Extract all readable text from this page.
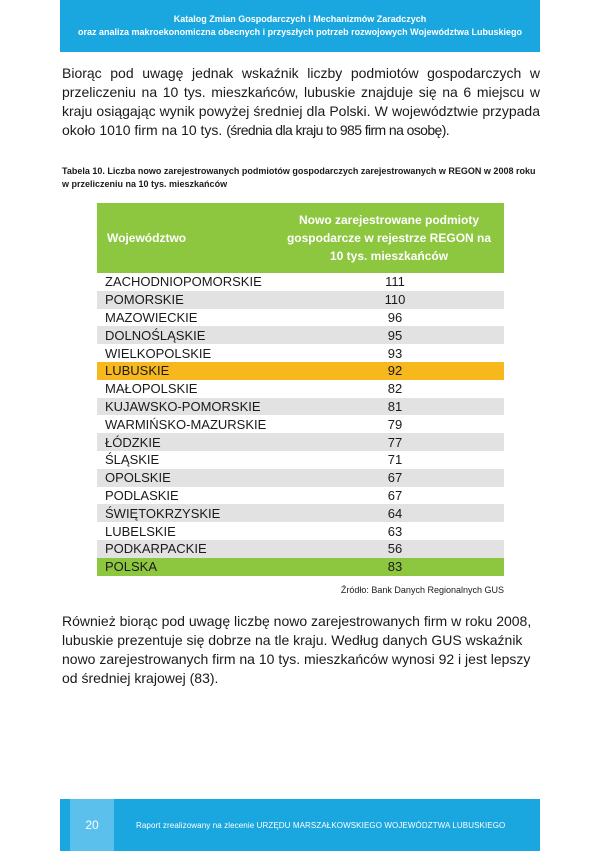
Katalog Zmian Gospodarczych i Mechanizmów Zaradczych
oraz analiza makroekonomiczna obecnych i przyszłych potrzeb rozwojowych Województwa Lubuskiego

Biorąc pod uwagę jednak wskaźnik liczby podmiotów gospodarczych w przeliczeniu na 10 tys. mieszkańców, lubuskie znajduje się na 6 miejscu w kraju osiągając wynik powyżej średniej dla Polski. W województwie przypada około 1010 firm na 10 tys. (średnia dla kraju to 985 firm na osobę).

Tabela 10. Liczba nowo zarejestrowanych podmiotów gospodarczych zarejestrowanych w REGON w 2008 roku w przeliczeniu na 10 tys. mieszkańców

Województwo
Nowo zarejestrowane podmioty gospodarcze w rejestrze REGON na 10 tys. mieszkańców
ZACHODNIOPOMORSKIE	111
POMORSKIE	110
MAZOWIECKIE	96
DOLNOŚLĄSKIE	95
WIELKOPOLSKIE	93
LUBUSKIE	92
MAŁOPOLSKIE	82
KUJAWSKO-POMORSKIE	81
WARMIŃSKO-MAZURSKIE	79
ŁÓDZKIE	77
ŚLĄSKIE	71
OPOLSKIE	67
PODLASKIE	67
ŚWIĘTOKRZYSKIE	64
LUBELSKIE	63
PODKARPACKIE	56
POLSKA	83
Źródło: Bank Danych Regionalnych GUS

Również biorąc pod uwagę liczbę nowo zarejestrowanych firm w roku 2008, lubuskie prezentuje się dobrze na tle kraju. Według danych GUS wskaźnik nowo zarejestrowanych firm na 10 tys. mieszkańców wynosi 92 i jest lepszy od średniej krajowej (83).

20	Raport zrealizowany na zlecenie URZĘDU MARSZAŁKOWSKIEGO WOJEWÓDZTWA LUBUSKIEGO
